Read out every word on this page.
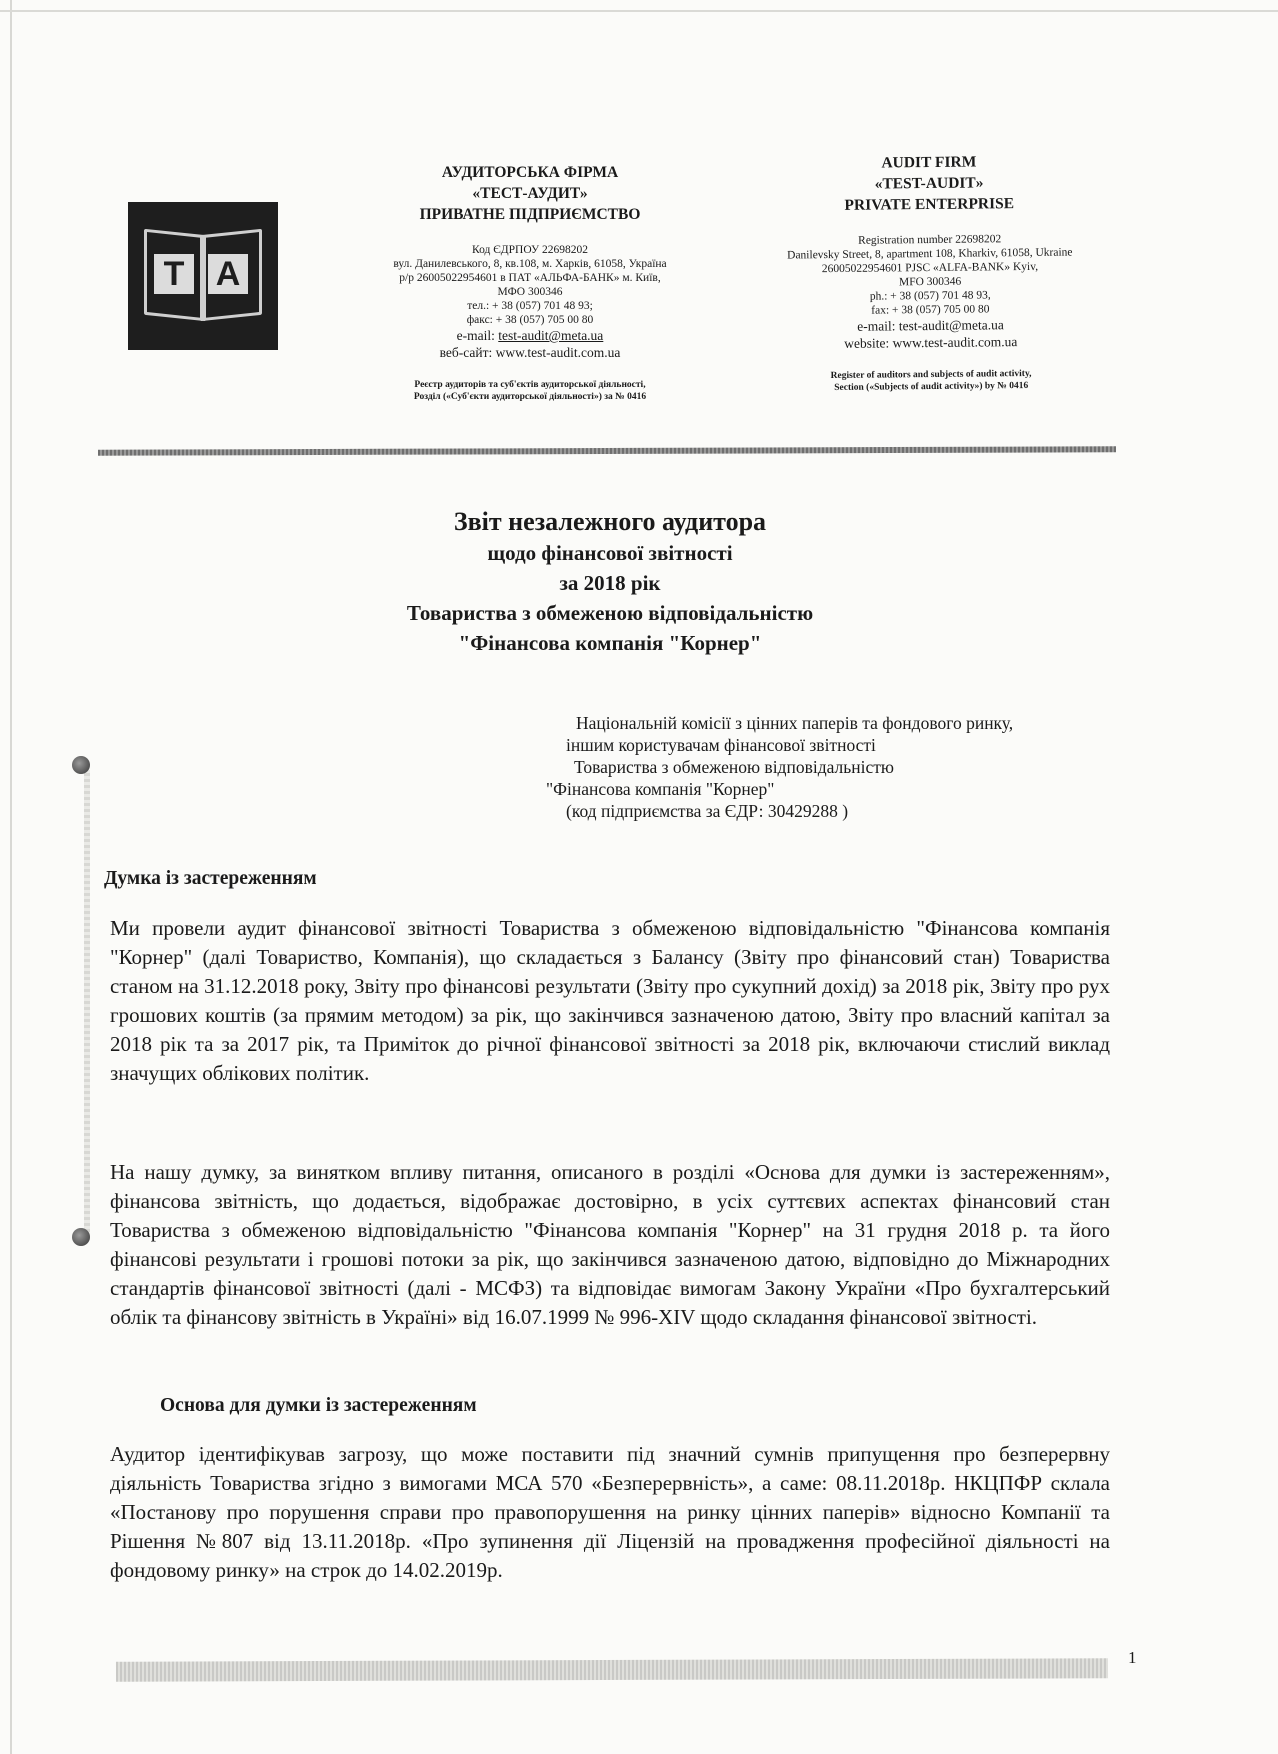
T A
АУДИТОРСЬКА ФІРМА
«ТЕСТ-АУДИТ»
ПРИВАТНЕ ПІДПРИЄМСТВО
Код ЄДРПОУ 22698202
вул. Данилевського, 8, кв.108, м. Харків, 61058, Україна
р/р 26005022954601 в ПАТ «АЛЬФА-БАНК» м. Київ,
МФО 300346
тел.: + 38 (057) 701 48 93;
факс: + 38 (057) 705 00 80
e-mail: test-audit@meta.ua
веб-сайт: www.test-audit.com.ua
Реєстр аудиторів та суб'єктів аудиторської діяльності,
Розділ («Суб'єкти аудиторської діяльності») за № 0416
AUDIT FIRM
«TEST-AUDIT»
PRIVATE ENTERPRISE
Registration number 22698202
Danilevsky Street, 8, apartment 108, Kharkiv, 61058, Ukraine
26005022954601 PJSC «ALFA-BANK» Kyiv,
MFO 300346
ph.: + 38 (057) 701 48 93,
fax: + 38 (057) 705 00 80
e-mail: test-audit@meta.ua
website: www.test-audit.com.ua
Register of auditors and subjects of audit activity,
Section («Subjects of audit activity») by № 0416
Звіт незалежного аудитора
щодо фінансової звітності
за 2018 рік
Товариства з обмеженою відповідальністю
"Фінансова компанія "Корнер"
Національній комісії з цінних паперів та фондового ринку,
іншим користувачам фінансової звітності
Товариства з обмеженою відповідальністю
"Фінансова компанія "Корнер"
(код підприємства за ЄДР: 30429288 )
Думка із застереженням
Ми провели аудит фінансової звітності Товариства з обмеженою відповідальністю "Фінансова компанія "Корнер" (далі Товариство, Компанія), що складається з Балансу (Звіту про фінансовий стан) Товариства станом на 31.12.2018 року, Звіту про фінансові результати (Звіту про сукупний дохід) за 2018 рік, Звіту про рух грошових коштів (за прямим методом) за рік, що закінчився зазначеною датою, Звіту про власний капітал за 2018 рік та за 2017 рік, та Приміток до річної фінансової звітності за 2018 рік, включаючи стислий виклад значущих облікових політик.
На нашу думку, за винятком впливу питання, описаного в розділі «Основа для думки із застереженням», фінансова звітність, що додається, відображає достовірно, в усіх суттєвих аспектах фінансовий стан Товариства з обмеженою відповідальністю "Фінансова компанія "Корнер" на 31 грудня 2018 р. та його фінансові результати і грошові потоки за рік, що закінчився зазначеною датою, відповідно до Міжнародних стандартів фінансової звітності (далі - МСФЗ) та відповідає вимогам Закону України «Про бухгалтерський облік та фінансову звітність в Україні» від 16.07.1999 № 996-XIV щодо складання фінансової звітності.
Основа для думки із застереженням
Аудитор ідентифікував загрозу, що може поставити під значний сумнів припущення про безперервну діяльність Товариства згідно з вимогами МСА 570 «Безперервність», а саме: 08.11.2018р. НКЦПФР склала «Постанову про порушення справи про правопорушення на ринку цінних паперів» відносно Компанії та Рішення №807 від 13.11.2018р. «Про зупинення дії Ліцензій на провадження професійної діяльності на фондовому ринку» на строк до 14.02.2019р.
1
